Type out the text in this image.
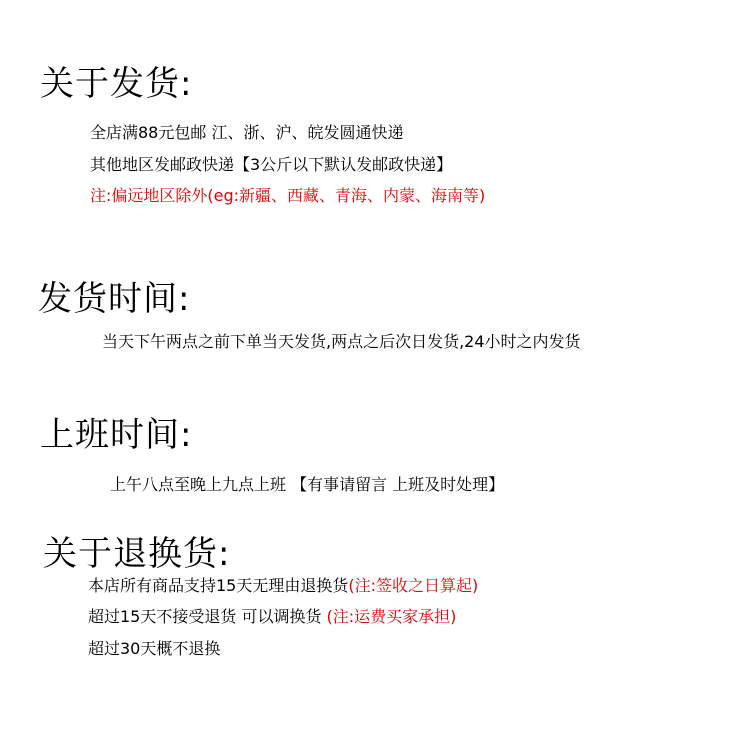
关于发货:
全店满88元包邮 江、浙、沪、皖发圆通快递
其他地区发邮政快递【3公斤以下默认发邮政快递】
注:偏远地区除外(eg:新疆、西藏、青海、内蒙、海南等)
发货时间:
当天下午两点之前下单当天发货,两点之后次日发货,24小时之内发货
上班时间:
上午八点至晚上九点上班 【有事请留言 上班及时处理】
关于退换货:
本店所有商品支持15天无理由退换货(注:签收之日算起)
超过15天不接受退货 可以调换货 (注:运费买家承担)
超过30天概不退换
